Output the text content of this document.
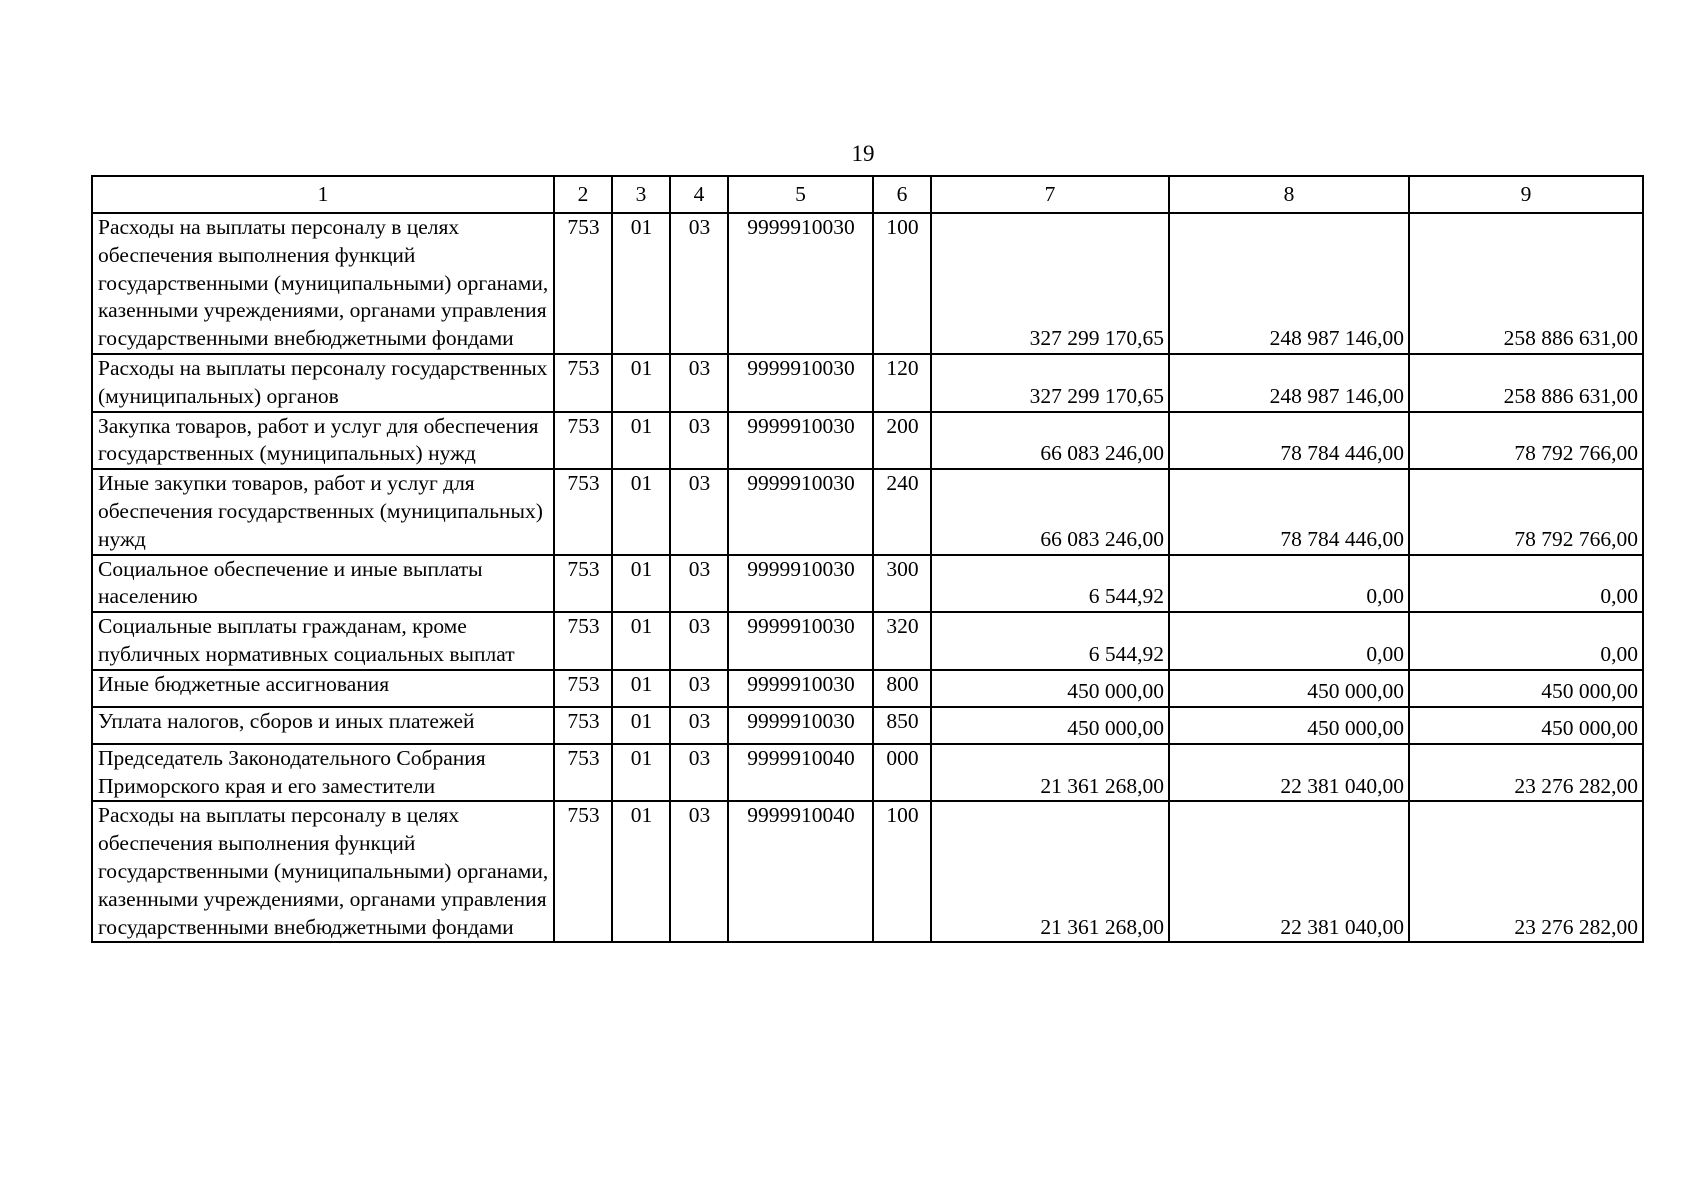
19
1	2	3	4	5	6	7	8	9
Расходы на выплаты персоналу в целях обеспечения выполнения функций государственными (муниципальными) органами, казенными учреждениями, органами управления государственными внебюджетными фондами	753	01	03	9999910030	100	327 299 170,65	248 987 146,00	258 886 631,00
Расходы на выплаты персоналу государственных (муниципальных) органов	753	01	03	9999910030	120	327 299 170,65	248 987 146,00	258 886 631,00
Закупка товаров, работ и услуг для обеспечения государственных (муниципальных) нужд	753	01	03	9999910030	200	66 083 246,00	78 784 446,00	78 792 766,00
Иные закупки товаров, работ и услуг для обеспечения государственных (муниципальных) нужд	753	01	03	9999910030	240	66 083 246,00	78 784 446,00	78 792 766,00
Социальное обеспечение и иные выплаты населению	753	01	03	9999910030	300	6 544,92	0,00	0,00
Социальные выплаты гражданам, кроме публичных нормативных социальных выплат	753	01	03	9999910030	320	6 544,92	0,00	0,00
Иные бюджетные ассигнования	753	01	03	9999910030	800	450 000,00	450 000,00	450 000,00
Уплата налогов, сборов и иных платежей	753	01	03	9999910030	850	450 000,00	450 000,00	450 000,00
Председатель Законодательного Собрания Приморского края и его заместители	753	01	03	9999910040	000	21 361 268,00	22 381 040,00	23 276 282,00
Расходы на выплаты персоналу в целях обеспечения выполнения функций государственными (муниципальными) органами, казенными учреждениями, органами управления государственными внебюджетными фондами	753	01	03	9999910040	100	21 361 268,00	22 381 040,00	23 276 282,00
